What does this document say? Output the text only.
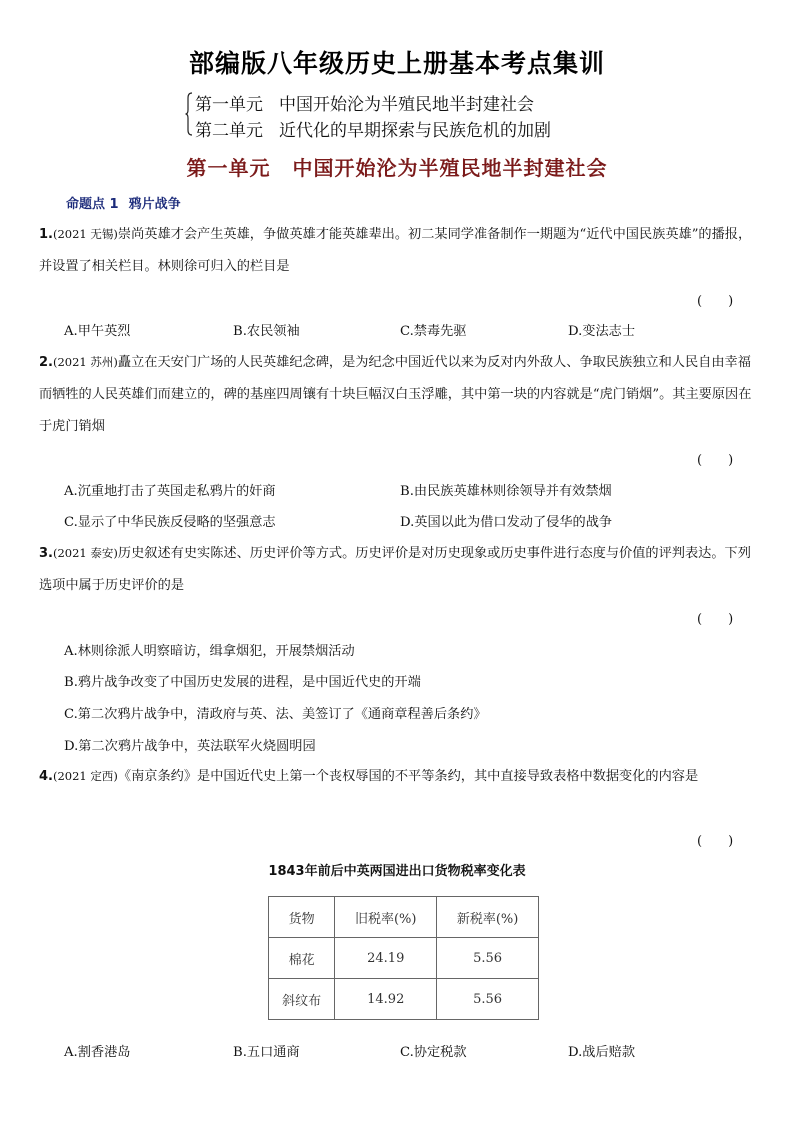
部编版八年级历史上册基本考点集训
第一单元 中国开始沦为半殖民地半封建社会
第二单元 近代化的早期探索与民族危机的加剧
第一单元 中国开始沦为半殖民地半封建社会
命题点 1 鸦片战争
1.(2021 无锡)崇尚英雄才会产生英雄，争做英雄才能英雄辈出。初二某同学准备制作一期题为“近代中国民族英雄”的播报，并设置了相关栏目。林则徐可归入的栏目是
(　　)
A.甲午英烈	B.农民领袖	C.禁毒先驱	D.变法志士
2.(2021 苏州)矗立在天安门广场的人民英雄纪念碑，是为纪念中国近代以来为反对内外敌人、争取民族独立和人民自由幸福而牺牲的人民英雄们而建立的，碑的基座四周镶有十块巨幅汉白玉浮雕，其中第一块的内容就是“虎门销烟”。其主要原因在于虎门销烟
(　　)
A.沉重地打击了英国走私鸦片的奸商	B.由民族英雄林则徐领导并有效禁烟
C.显示了中华民族反侵略的坚强意志	D.英国以此为借口发动了侵华的战争
3.(2021 泰安)历史叙述有史实陈述、历史评价等方式。历史评价是对历史现象或历史事件进行态度与价值的评判表达。下列选项中属于历史评价的是
(　　)
A.林则徐派人明察暗访，缉拿烟犯，开展禁烟活动
B.鸦片战争改变了中国历史发展的进程，是中国近代史的开端
C.第二次鸦片战争中，清政府与英、法、美签订了《通商章程善后条约》
D.第二次鸦片战争中，英法联军火烧圆明园
4.(2021 定西)《南京条约》是中国近代史上第一个丧权辱国的不平等条约，其中直接导致表格中数据变化的内容是
(　　)
1843年前后中英两国进出口货物税率变化表
货物	旧税率(%)	新税率(%)
棉花	24.19	5.56
斜纹布	14.92	5.56
A.割香港岛	B.五口通商	C.协定税款	D.战后赔款
